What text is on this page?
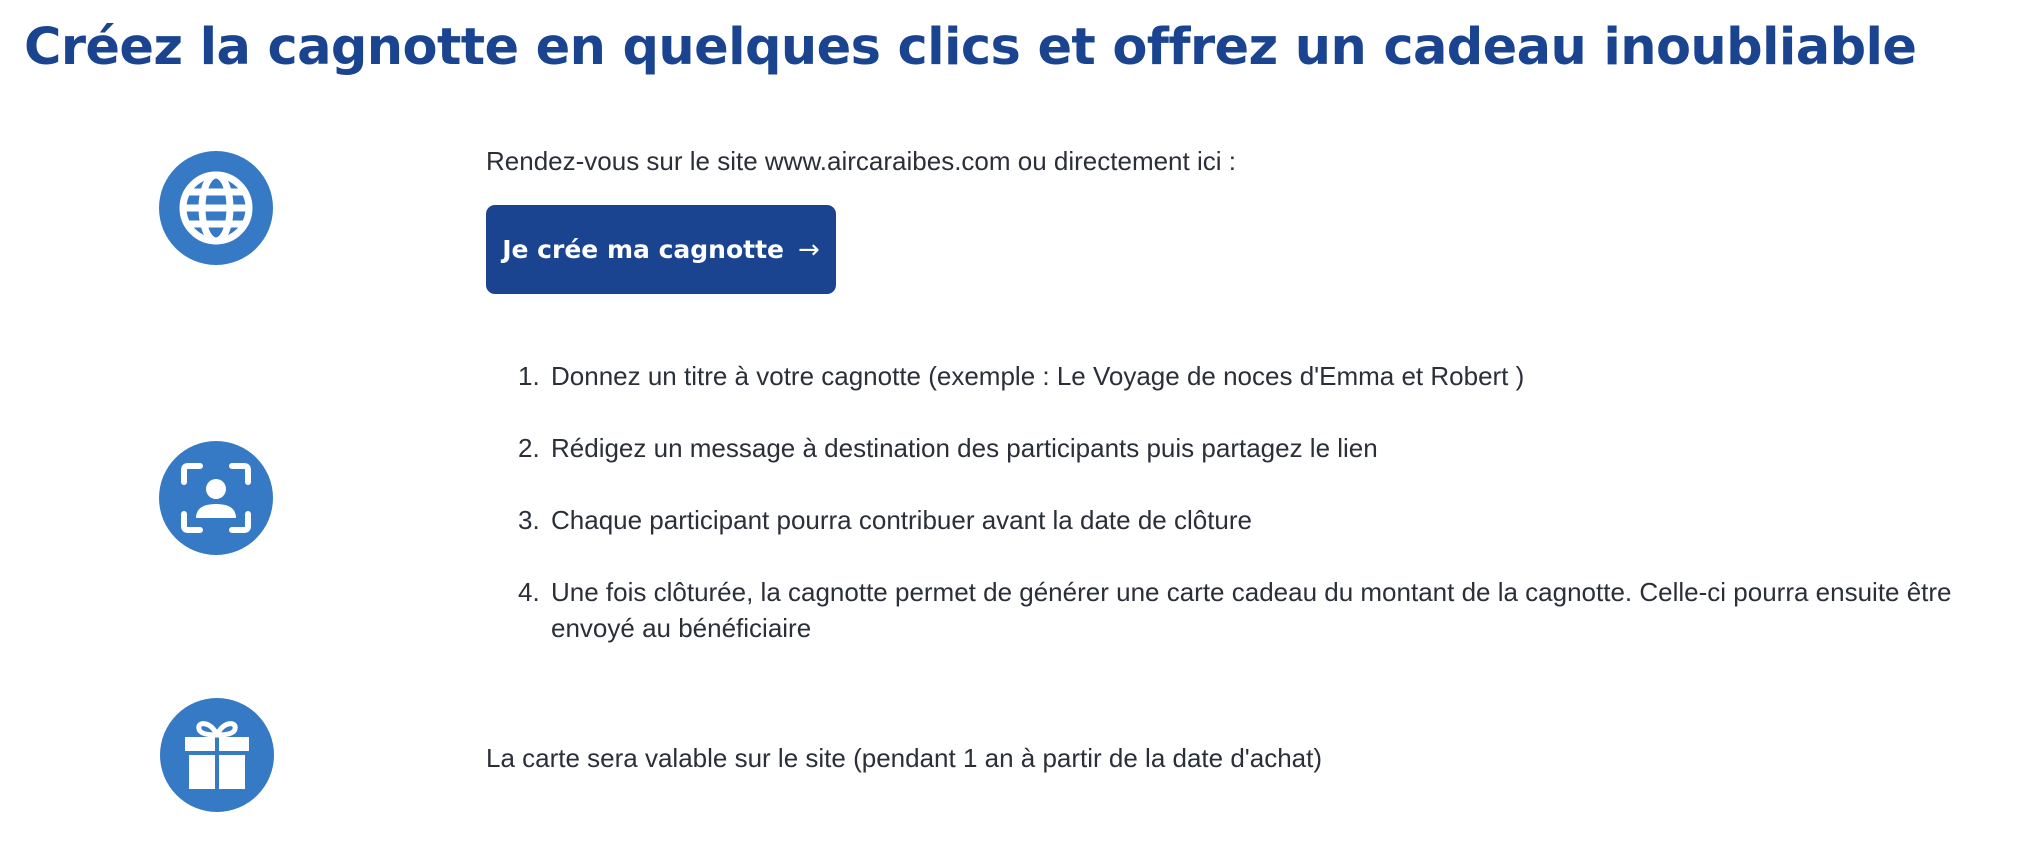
Créez la cagnotte en quelques clics et offrez un cadeau inoubliable

Rendez-vous sur le site www.aircaraibes.com ou directement ici :

Je crée ma cagnotte →
1. Donnez un titre à votre cagnotte (exemple : Le Voyage de noces d'Emma et Robert )
2. Rédigez un message à destination des participants puis partagez le lien
3. Chaque participant pourra contribuer avant la date de clôture
4. Une fois clôturée, la cagnotte permet de générer une carte cadeau du montant de la cagnotte. Celle-ci pourra ensuite être envoyé au bénéficiaire

La carte sera valable sur le site (pendant 1 an à partir de la date d'achat)
